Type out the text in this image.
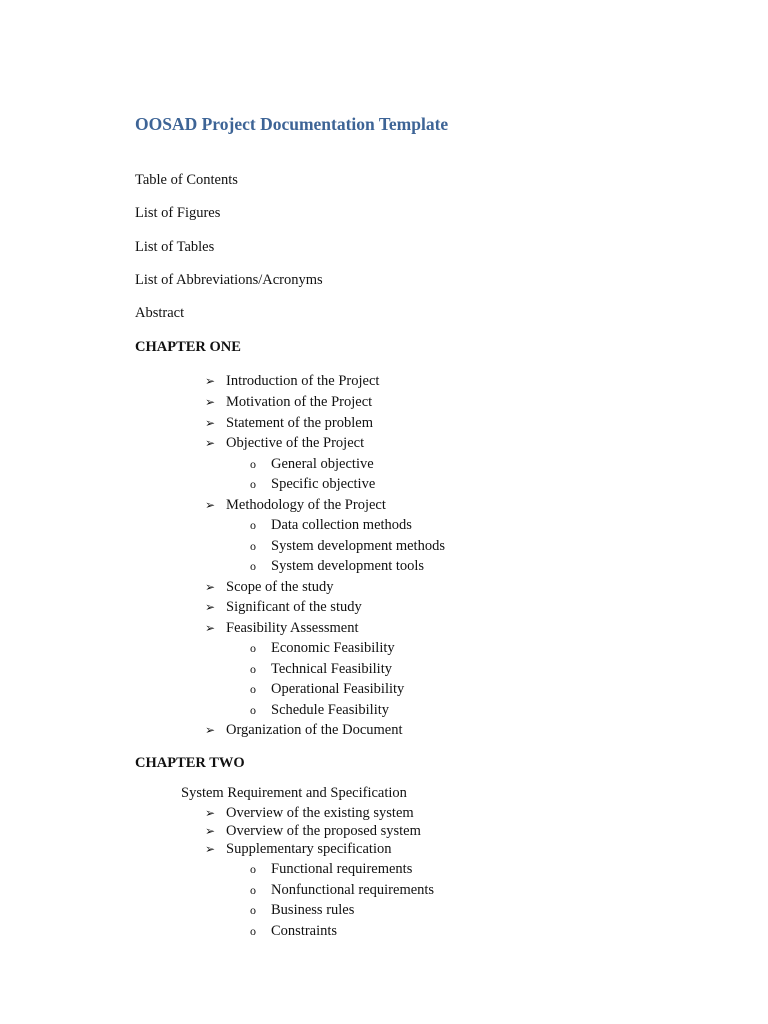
OOSAD Project Documentation Template
Table of Contents
List of Figures
List of Tables
List of Abbreviations/Acronyms
Abstract
CHAPTER ONE
➢ Introduction of the Project
➢ Motivation of the Project
➢ Statement of the problem
➢ Objective of the Project
o General objective
o Specific objective
➢ Methodology of the Project
o Data collection methods
o System development methods
o System development tools
➢ Scope of the study
➢ Significant of the study
➢ Feasibility Assessment
o Economic Feasibility
o Technical Feasibility
o Operational Feasibility
o Schedule Feasibility
➢ Organization of the Document
CHAPTER TWO
System Requirement and Specification
➢ Overview of the existing system
➢ Overview of the proposed system
➢ Supplementary specification
o Functional requirements
o Nonfunctional requirements
o Business rules
o Constraints
